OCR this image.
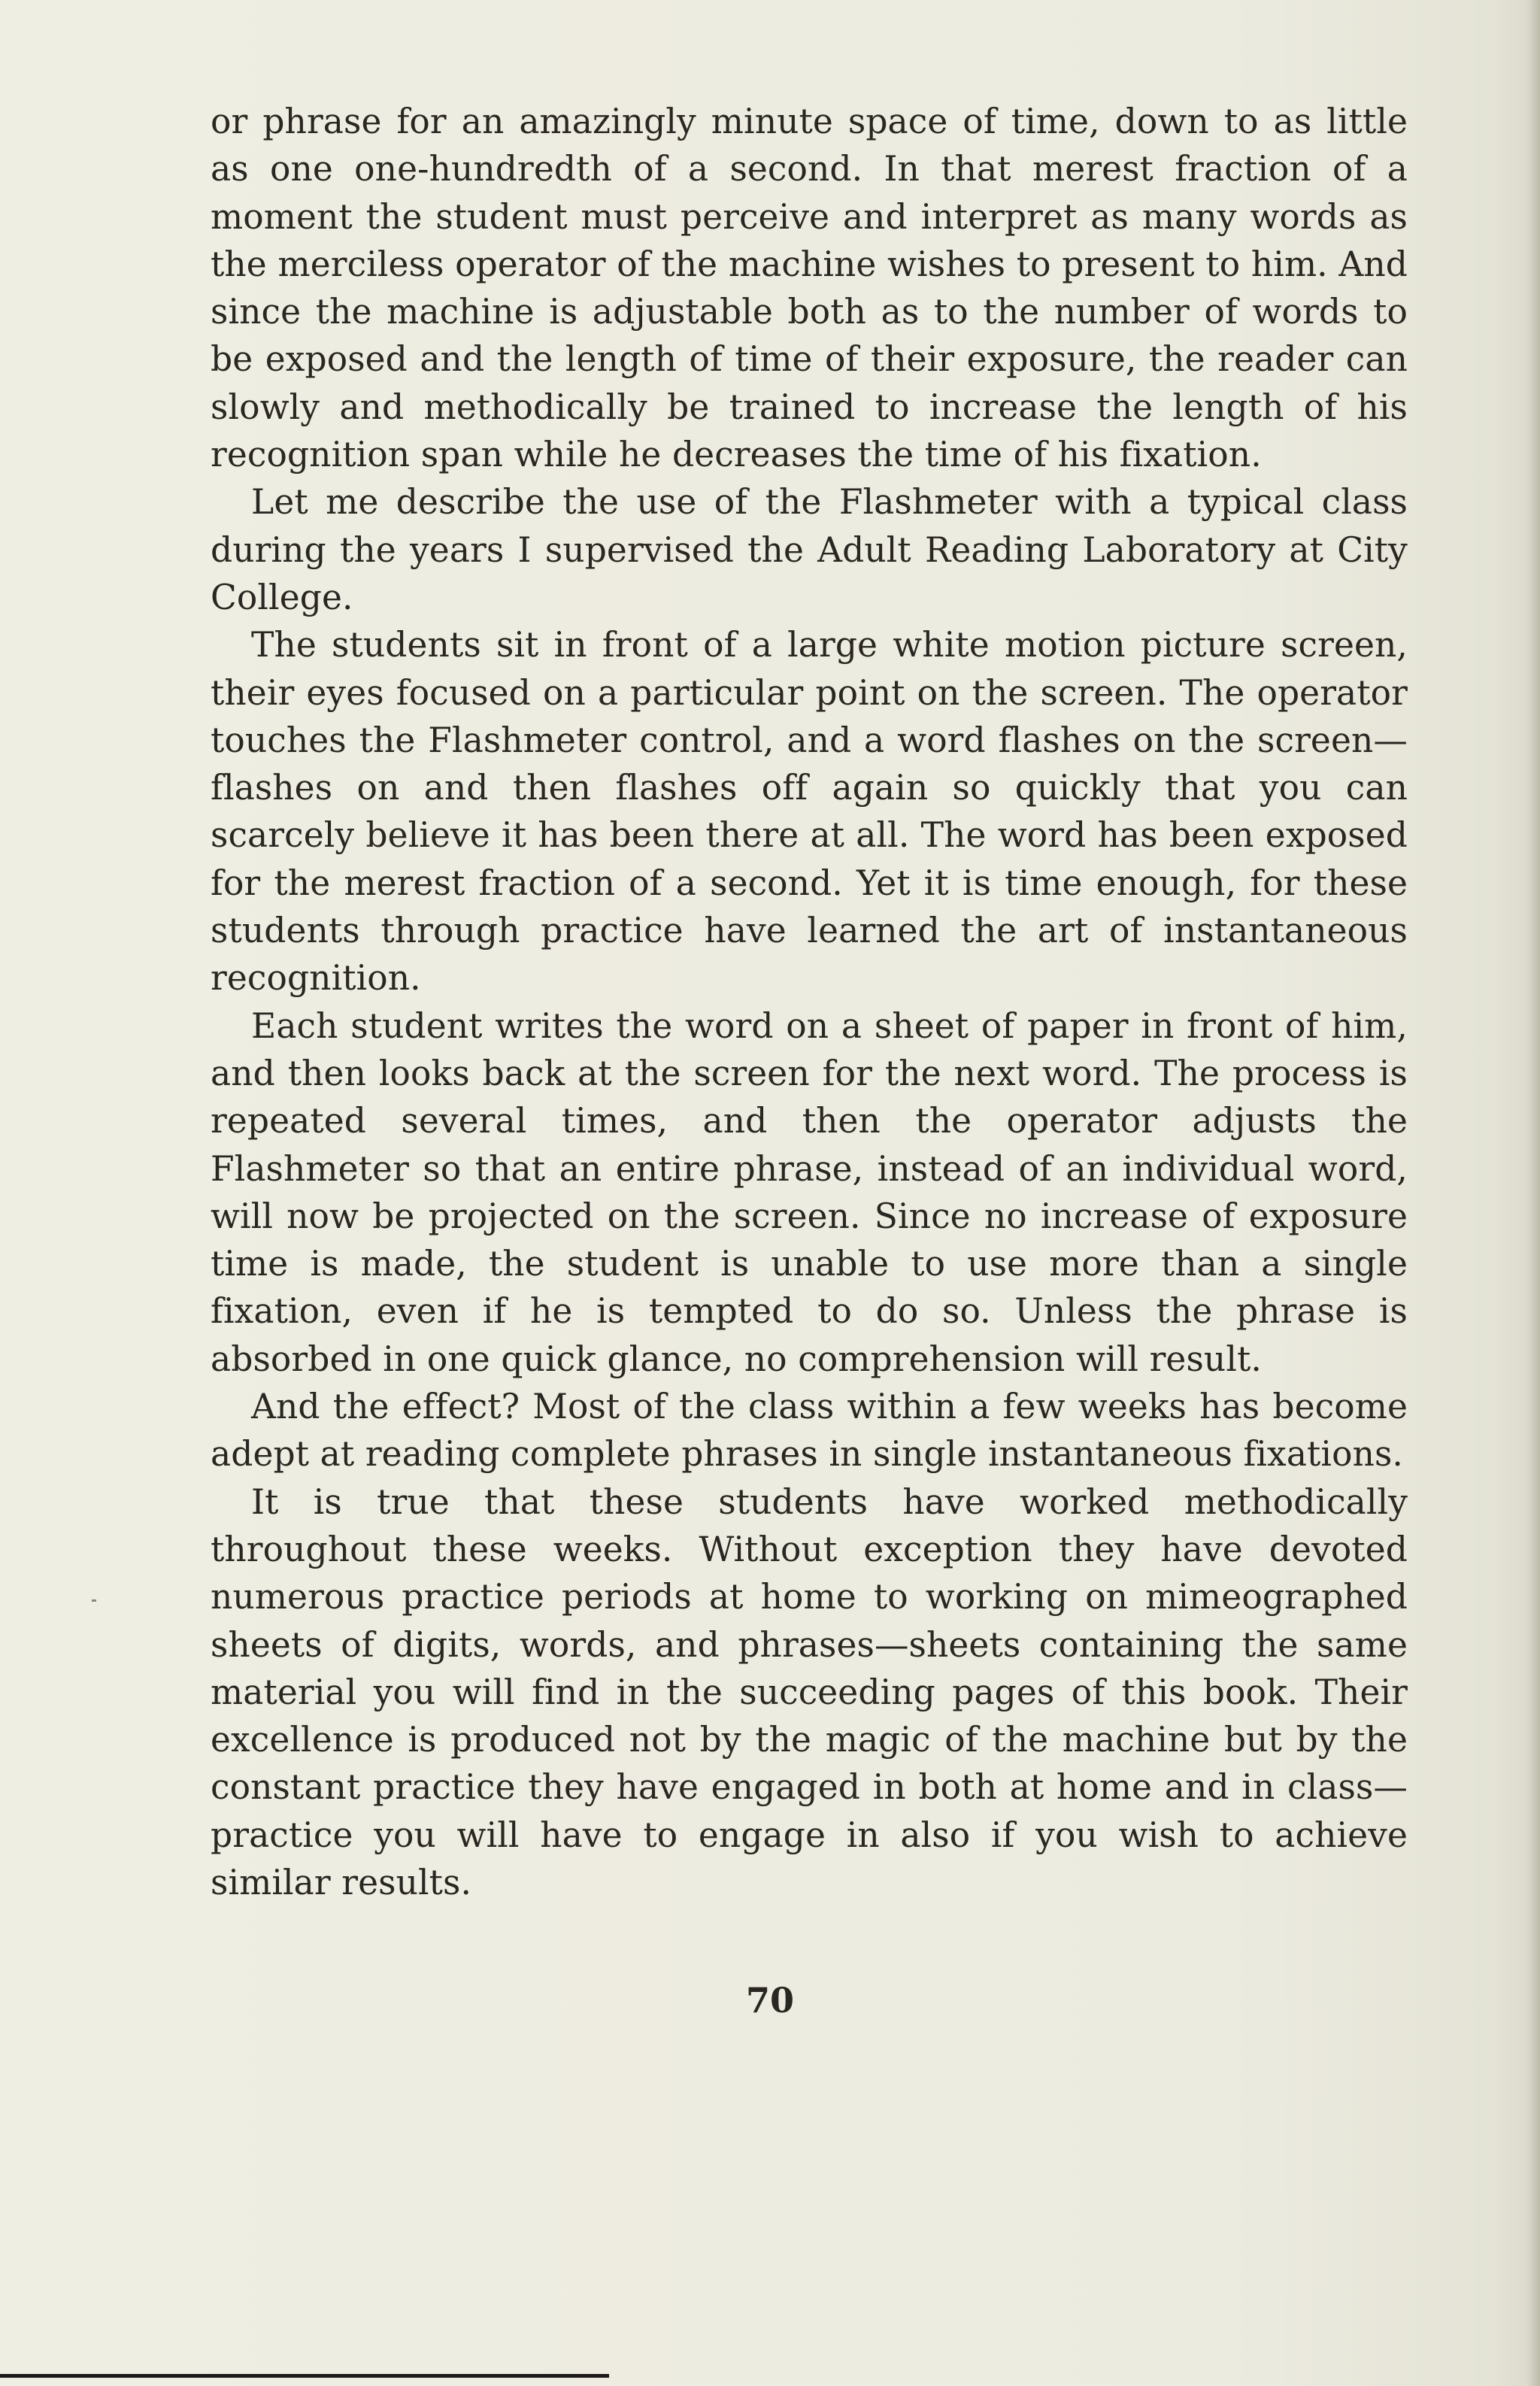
or phrase for an amazingly minute space of time, down to as little as one one-hundredth of a second. In that merest fraction of a moment the student must perceive and interpret as many words as the merciless operator of the machine wishes to present to him. And since the machine is adjustable both as to the number of words to be exposed and the length of time of their exposure, the reader can slowly and methodically be trained to increase the length of his recognition span while he decreases the time of his fixation.

Let me describe the use of the Flashmeter with a typical class during the years I supervised the Adult Reading Laboratory at City College.

The students sit in front of a large white motion picture screen, their eyes focused on a particular point on the screen. The operator touches the Flashmeter control, and a word flashes on the screen— flashes on and then flashes off again so quickly that you can scarcely believe it has been there at all. The word has been exposed for the merest fraction of a second. Yet it is time enough, for these students through practice have learned the art of instantaneous recognition.

Each student writes the word on a sheet of paper in front of him, and then looks back at the screen for the next word. The process is repeated several times, and then the operator adjusts the Flashmeter so that an entire phrase, instead of an individual word, will now be projected on the screen. Since no increase of exposure time is made, the student is unable to use more than a single fixation, even if he is tempted to do so. Unless the phrase is absorbed in one quick glance, no comprehension will result.

And the effect? Most of the class within a few weeks has become adept at reading complete phrases in single instantaneous fixations.

It is true that these students have worked methodically throughout these weeks. Without exception they have devoted numerous practice periods at home to working on mimeographed sheets of digits, words, and phrases—sheets containing the same material you will find in the succeeding pages of this book. Their excellence is produced not by the magic of the machine but by the constant practice they have engaged in both at home and in class—practice you will have to engage in also if you wish to achieve similar results.

70
